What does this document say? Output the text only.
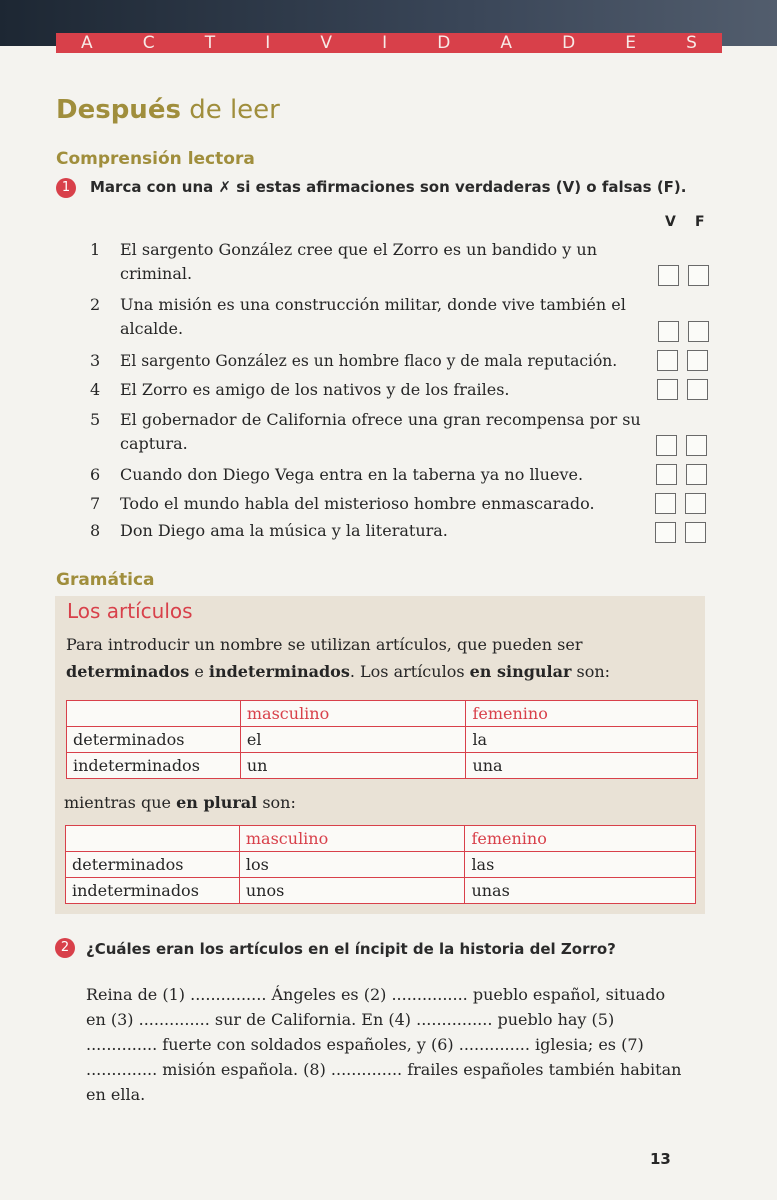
A	C	T	I	V	I	D	A	D	E	S
Después de leer
Comprensión lectora
1	Marca con una ✗ si estas afirmaciones son verdaderas (V) o falsas (F).
V F
1 El sargento González cree que el Zorro es un bandido y un criminal.
2 Una misión es una construcción militar, donde vive también el alcalde.
3 El sargento González es un hombre flaco y de mala reputación.
4 El Zorro es amigo de los nativos y de los frailes.
5 El gobernador de California ofrece una gran recompensa por su captura.
6 Cuando don Diego Vega entra en la taberna ya no llueve.
7 Todo el mundo habla del misterioso hombre enmascarado.
8 Don Diego ama la música y la literatura.
Gramática
Los artículos
Para introducir un nombre se utilizan artículos, que pueden ser
determinados e indeterminados. Los artículos en singular son:
	masculino	femenino
determinados	el	la
indeterminados	un	una
mientras que en plural son:
	masculino	femenino
determinados	los	las
indeterminados	unos	unas
2	¿Cuáles eran los artículos en el íncipit de la historia del Zorro?
Reina de (1) ............... Ángeles es (2) ............... pueblo español, situado en (3) .............. sur de California. En (4) ............... pueblo hay (5) .............. fuerte con soldados españoles, y (6) .............. iglesia; es (7) .............. misión española. (8) .............. frailes españoles también habitan en ella.
13
